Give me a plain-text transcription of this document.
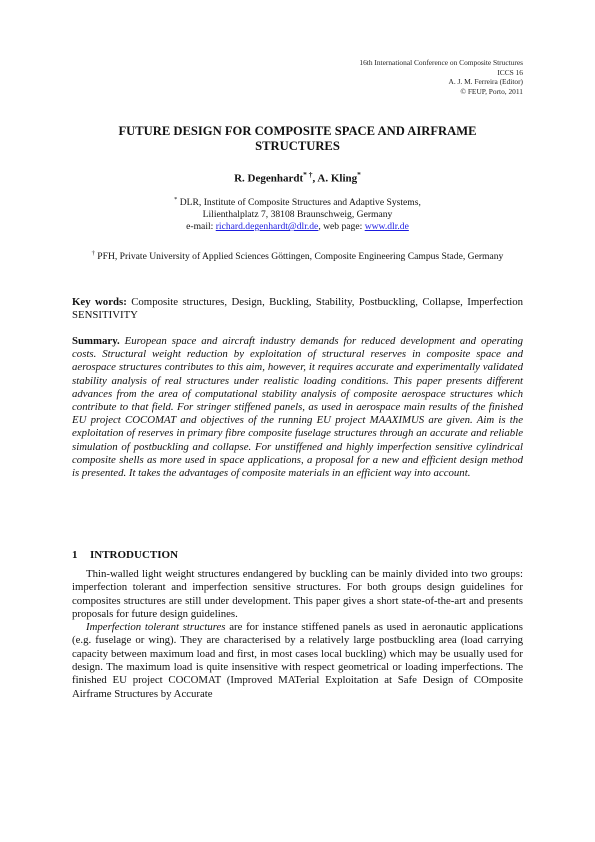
16th International Conference on Composite Structures
ICCS 16
A. J. M. Ferreira (Editor)
© FEUP, Porto, 2011
FUTURE DESIGN FOR COMPOSITE SPACE AND AIRFRAME
STRUCTURES
R. Degenhardt* †, A. Kling*
* DLR, Institute of Composite Structures and Adaptive Systems,
Lilienthalplatz 7, 38108 Braunschweig, Germany
e-mail: richard.degenhardt@dlr.de, web page: www.dlr.de
† PFH, Private University of Applied Sciences Göttingen, Composite Engineering Campus Stade, Germany
Key words: Composite structures, Design, Buckling, Stability, Postbuckling, Collapse, Imperfection SENSITIVITY
Summary. European space and aircraft industry demands for reduced development and operating costs. Structural weight reduction by exploitation of structural reserves in composite space and aerospace structures contributes to this aim, however, it requires accurate and experimentally validated stability analysis of real structures under realistic loading conditions. This paper presents different advances from the area of computational stability analysis of composite aerospace structures which contribute to that field. For stringer stiffened panels, as used in aerospace main results of the finished EU project COCOMAT and objectives of the running EU project MAAXIMUS are given. Aim is the exploitation of reserves in primary fibre composite fuselage structures through an accurate and reliable simulation of postbuckling and collapse. For unstiffened and highly imperfection sensitive cylindrical composite shells as more used in space applications, a proposal for a new and efficient design method is presented. It takes the advantages of composite materials in an efficient way into account.
1 INTRODUCTION

Thin-walled light weight structures endangered by buckling can be mainly divided into two groups: imperfection tolerant and imperfection sensitive structures. For both groups design guidelines for composites structures are still under development. This paper gives a short state-of-the-art and presents proposals for future design guidelines.

Imperfection tolerant structures are for instance stiffened panels as used in aeronautic applications (e.g. fuselage or wing). They are characterised by a relatively large postbuckling area (load carrying capacity between maximum load and first, in most cases local buckling) which may be usually used for design. The maximum load is quite insensitive with respect geometrical or loading imperfections. The finished EU project COCOMAT (Improved MATerial Exploitation at Safe Design of COmposite Airframe Structures by Accurate
